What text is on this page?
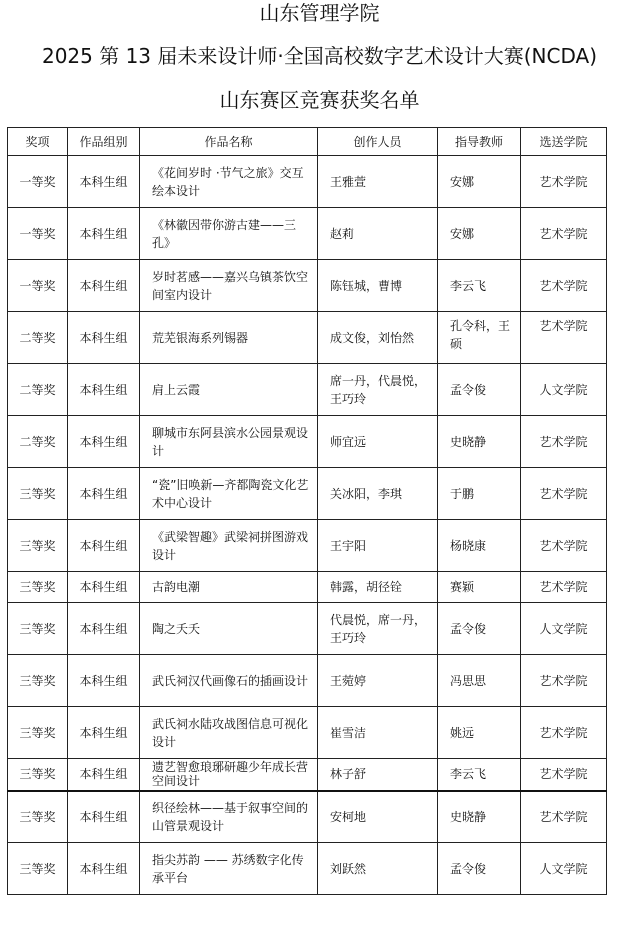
山东管理学院
2025 第 13 届未来设计师·全国高校数字艺术设计大赛(NCDA)
山东赛区竞赛获奖名单
奖项	作品组别	作品名称	创作人员	指导教师	选送学院
一等奖	本科生组	《花间岁时 ·节气之旅》交互绘本设计	王雅萱	安娜	艺术学院
一等奖	本科生组	《林徽因带你游古建——三孔》	赵莉	安娜	艺术学院
一等奖	本科生组	岁时茗感——嘉兴乌镇茶饮空间室内设计	陈钰城，曹博	李云飞	艺术学院
二等奖	本科生组	荒芜银海系列锡器	成文俊，刘怡然	孔令科，王硕	艺术学院
二等奖	本科生组	肩上云霞	席一丹，代晨悦，王巧玲	孟令俊	人文学院
二等奖	本科生组	聊城市东阿县滨水公园景观设计	师宜远	史晓静	艺术学院
三等奖	本科生组	“瓷”旧唤新—齐都陶瓷文化艺术中心设计	关冰阳，李琪	于鹏	艺术学院
三等奖	本科生组	《武梁智趣》武梁祠拼图游戏设计	王宇阳	杨晓康	艺术学院
三等奖	本科生组	古韵电潮	韩露，胡径铨	赛颖	艺术学院
三等奖	本科生组	陶之夭夭	代晨悦，席一丹，王巧玲	孟令俊	人文学院
三等奖	本科生组	武氏祠汉代画像石的插画设计	王菀婷	冯思思	艺术学院
三等奖	本科生组	武氏祠水陆攻战图信息可视化设计	崔雪洁	姚远	艺术学院
三等奖	本科生组	遗艺智愈琅琊研趣少年成长营空间设计	林子舒	李云飞	艺术学院
三等奖	本科生组	织径绘林——基于叙事空间的山管景观设计	安柯地	史晓静	艺术学院
三等奖	本科生组	指尖苏韵 —— 苏绣数字化传承平台	刘跃然	孟令俊	人文学院
